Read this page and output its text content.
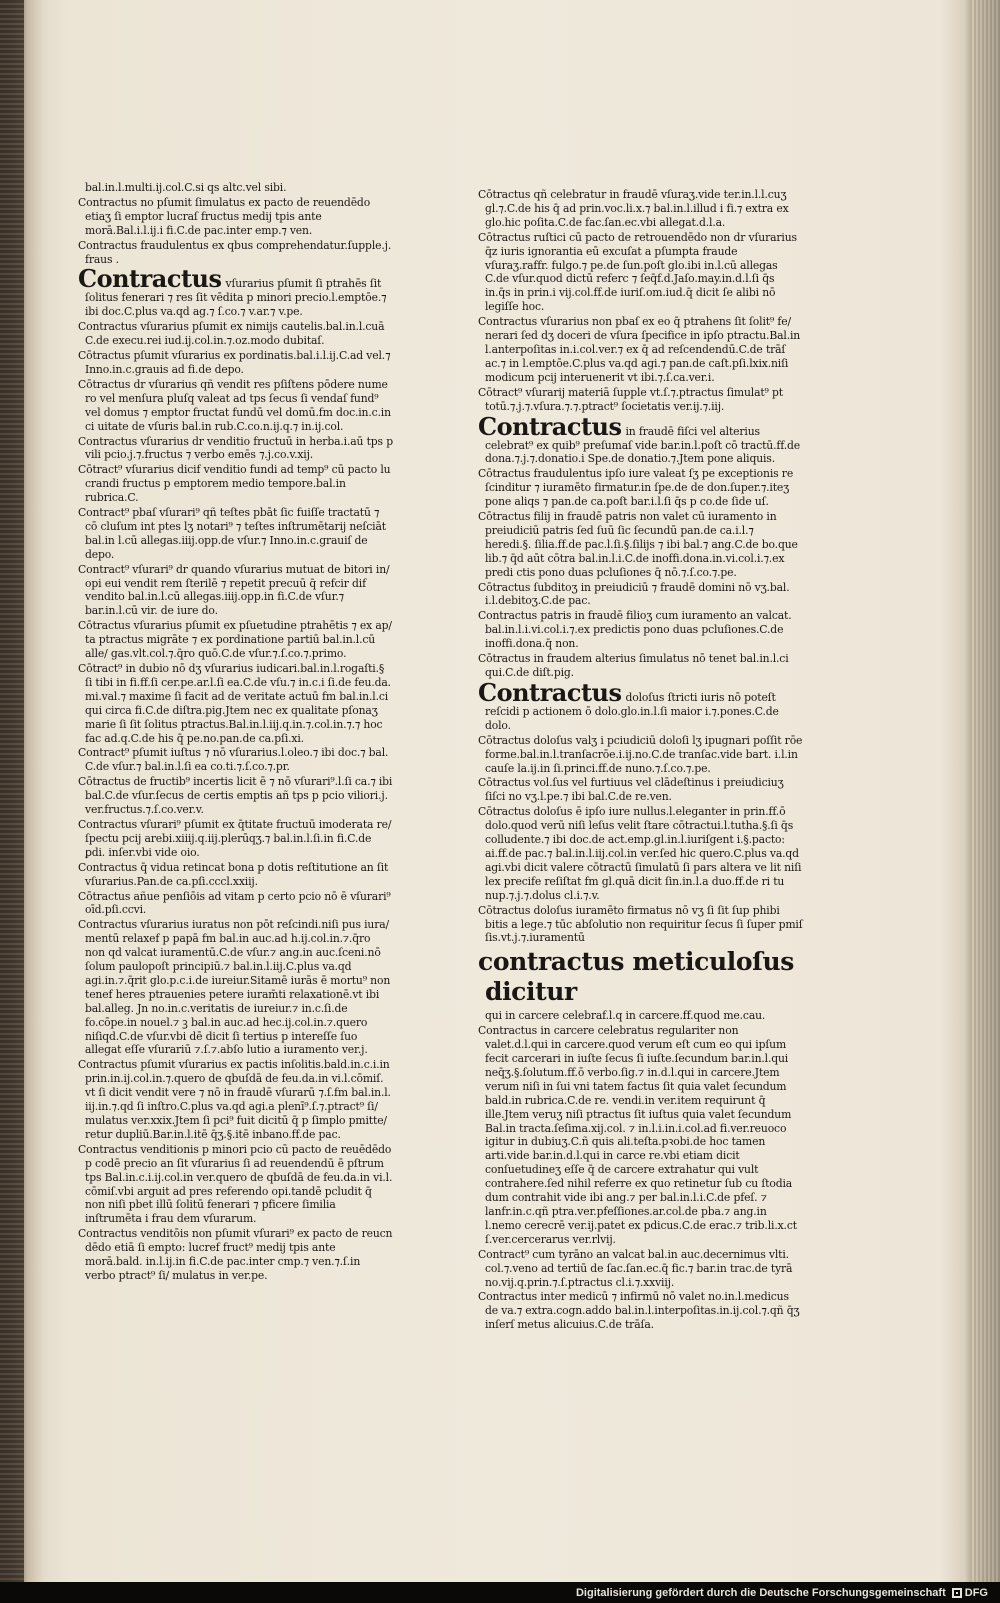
bal.in.l.multi.ij.col.C.si qs altc.vel sibi.

Contractus no pſumit ſimulatus ex pacto de reuendēdo etiaʒ ſi emptor lucraſ fructus medij tpis ante morā.Bal.i.l.ij.i fi.C.de pac.inter emp.⁊ ven.

Contractus fraudulentus ex qbus comprehendatur.ſupple.j. fraus .

Contractus vſurarius pſumit ſi ptrahēs ſit ſolitus fenerari ⁊ res ſit vēdita p minori precio.l.emptōe.⁊ ibi doc.C.plus va.qd ag.⁊ ſ.co.⁊ v.ar.⁊ v.pe.

Contractus vſurarius pſumit ex nimijs cautelis.bal.in.l.cuā C.de execu.rei iud.ij.col.in.⁊.oz.modo dubitaſ.

Cōtractus pſumit vſurarius ex pordinatis.bal.i.l.ij.C.ad vel.⁊ Inno.in.c.grauis ad fi.de depo.

Cōtractus dr vſurarius qñ vendit res pſiſtens pōdere nume ro vel menſura pluſq valeat ad tps ſecus ſi vendaſ fund⁹ vel domus ⁊ emptor fructat fundū vel domū.fm doc.in.c.in ci uitate de vſuris bal.in rub.C.co.n.ij.q.⁊ in.ij.col.

Contractus vſurarius dr venditio fructuū in herba.i.aū tps p vili pcio.j.⁊.fructus ⁊ verbo emēs ⁊.j.co.v.xij.

Cōtract⁹ vſurarius dicif venditio fundi ad temp⁹ cū pacto lu crandi fructus p emptorem medio tempore.bal.in rubrica.C.

Contract⁹ pbaſ vſurari⁹ qñ teſtes pbāt ſic fuiſſe tractatū ⁊ cō cluſum int ptes lʒ notari⁹ ⁊ teſtes inſtrumētarij neſciāt bal.in l.cū allegas.iiij.opp.de vſur.⁊ Inno.in.c.grauiſ de depo.

Contract⁹ vſurari⁹ dr quando vſurarius mutuat de bitori in/ opi eui vendit rem ſterilē ⁊ repetit precuū q̄ refcir dif vendito bal.in.l.cū allegas.iiij.opp.in fi.C.de vſur.⁊ bar.in.l.cū vir. de iure do.

Cōtractus vſurarius pſumit ex pſuetudine ptrahētis ⁊ ex ap/ ta ptractus migrāte ⁊ ex pordinatione partiū bal.in.l.cū alle/ gas.vlt.col.⁊.q̄ro quō.C.de vſur.⁊.ſ.co.⁊.primo.

Cōtract⁹ in dubio nō dʒ vſurarius iudicari.bal.in.l.rogaſti.§ ſi tibi in fi.ff.ſi cer.pe.ar.l.ſi ea.C.de vſu.⁊ in.c.i ſi.de feu.da. mi.val.⁊ maxime ſi facit ad de veritate actuū fm bal.in.l.ci qui circa fi.C.de diſtra.pig.Jtem nec ex qualitate pſonaʒ marie ſi ſit ſolitus ptractus.Bal.in.l.iij.q.in.⁊.col.in.⁊.⁊ hoc fac ad.q.C.de his q̄ pe.no.pan.de ca.pſi.xi.

Contract⁹ pſumit iuſtus ⁊ nō vſurarius.l.oleo.⁊ ibi doc.⁊ bal. C.de vſur.⁊ bal.in.l.ſi ea co.ti.⁊.ſ.co.⁊.pr.

Cōtractus de fructib⁹ incertis licit ē ⁊ nō vſurari⁹.l.ſi ca.⁊ ibi bal.C.de vſur.ſecus de certis emptis añ tps p pcio viliori.j. ver.fructus.⁊.ſ.co.ver.v.

Contractus vſurari⁹ pſumit ex q̄titate fructuū imoderata re/ ſpectu pcij arebi.xiiij.q.iij.plerūqʒ.⁊ bal.in.l.ſi.in fi.C.de ꝑdi. inſer.vbi vide oio.

Contractus q̄ vidua retincat bona p dotis reſtitutione an ſit vſurarius.Pan.de ca.pſi.cccl.xxiij.

Cōtractus añue penſiōis ad vitam p certo pcio nō ē vſurari⁹ oīd.pſi.ccvi.

Contractus vſurarius iuratus non pōt reſcindi.niſi pus iura/ mentū relaxef p papā fm bal.in auc.ad h.ij.col.in.⁊.q̄ro non qd valcat iuramentū.C.de vſur.⁊ ang.in auc.ſceni.nō ſolum paulopoſt principiū.⁊ bal.in.l.iij.C.plus va.qd agi.in.⁊.q̄rit glo.p.c.i.de iureiur.Sitamē iurās ē mortu⁹ non tenef heres ptrauenies petere iuram̄ti relaxationē.vt ibi bal.alleg. Jn no.in.c.veritatis de iureiur.⁊ in.c.ſi.de fo.cōpe.in nouel.⁊ ꝫ bal.in auc.ad hec.ij.col.in.⁊.quero niſiqd.C.de vſur.vbi dē dicit ſi tertius p intereſſe ſuo allegat eſſe vſurariū ⁊.ſ.⁊.abſo lutio a iuramento ver.j.

Contractus pſumit vſurarius ex pactis inſolitis.bald.in.c.i.in prin.in.ij.col.in.⁊.quero de qbuſdā de feu.da.in vi.l.cōmiſ. vt ſi dicit vendit vere ⁊ nō in fraudē vſurarū ⁊.ſ.fm bal.in.l. iij.in.⁊.qd ſi inſtro.C.plus va.qd agi.a plenī⁹.ſ.⁊.ptract⁹ ſi/ mulatus ver.xxix.Jtem ſi pci⁹ fuit dicitū q̄ p ſimplo pmitte/ retur dupliū.Bar.in.l.itē q̄ʒ.§.itē inbano.ff.de pac.

Contractus venditionis p minori pcio cū pacto de reuēdēdo p codē precio an ſit vſurarius ſi ad reuendendū ē pſtrum tps Bal.in.c.i.ij.col.in ver.quero de qbuſdā de feu.da.in vi.l. cōmiſ.vbi arguit ad pres referendo opi.tandē pcludit q̄ non niſi pbet illū ſolitū fenerari ⁊ pficere ſimilia inſtrumēta i frau dem vſurarum.

Contractus venditōis non pſumit vſurari⁹ ex pacto de reucn dēdo etiā ſi empto: lucref fruct⁹ medij tpis ante morā.bald. in.l.ij.in fi.C.de pac.inter cmp.⁊ ven.⁊.ſ.in verbo ptract⁹ ſi/ mulatus in ver.pe.

Cōtractus qñ celebratur in fraudē vſuraʒ.vide ter.in.l.l.cuʒ gl.⁊.C.de his q̄ ad prin.voc.li.x.⁊ bal.in.l.illud i fi.⁊ extra ex glo.hic poſita.C.de fac.ſan.ec.vbi allegat.d.l.a.

Cōtractus ruſtici cū pacto de retrouendēdo non dr vſurarius q̄z iuris ignorantia eū excuſat a pſumpta fraude vſuraʒ.raffr. fulgo.⁊ pe.de ſun.poſt glo.ibi in.l.cū allegas C.de vſur.quod dictū referc ⁊ ſeq̄f.d.Jaſo.may.in.d.l.ſi q̄s in.q̄s in prin.i vij.col.ff.de iuriſ.om.iud.q̄ dicit ſe alibi nō legiſſe hoc.

Contractus vſurarius non pbaſ ex eo q̄ ptrahens ſit ſolit⁹ fe/ nerari ſed dʒ doceri de vſura ſpecifice in ipſo ptractu.Bal.in l.anterpoſitas in.i.col.ver.⁊ ex q̄ ad reſcendendū.C.de trāſ ac.⁊ in l.emptōe.C.plus va.qd agi.⁊ pan.de caſt.pſi.lxix.niſi modicum pcij interuenerit vt ibi.⁊.ſ.ca.ver.i.

Cōtract⁹ vſurarij materiā ſupple vt.ſ.⁊.ptractus ſimulat⁹ pt totū.⁊.j.⁊.vſura.⁊.⁊.ptract⁹ ſocietatis ver.ij.⁊.iij.

Contractus in fraudē fiſci vel alterius celebrat⁹ ex quib⁹ preſumaſ vide bar.in.l.poſt cō tractū.ff.de dona.⁊.j.⁊.donatio.i Spe.de donatio.⁊.Jtem pone aliquis.

Cōtractus fraudulentus ipſo iure valeat ſʒ pe exceptionis re ſcinditur ⁊ iuramēto firmatur.in ſpe.de de don.ſuper.⁊.iteʒ pone aliqs ⁊ pan.de ca.poſt bar.i.l.ſi q̄s p co.de ſide uſ.

Cōtractus filij in fraudē patris non valet cū iuramento in preiudiciū patris ſed ſuū ſic ſecundū pan.de ca.i.l.⁊ heredi.§. ſilia.ff.de pac.l.ſi.§.ſilijs ⁊ ibi bal.⁊ ang.C.de bo.que lib.⁊ q̄d aūt cōtra bal.in.l.i.C.de inoffi.dona.in.vi.col.i.⁊.ex predi ctis pono duas pcluſiones q̄ nō.⁊.ſ.co.⁊.pe.

Cōtractus ſubditoʒ in preiudiciū ⁊ fraudē domini nō vʒ.bal. i.l.debitoʒ.C.de pac.

Contractus patris in fraudē filioʒ cum iuramento an valcat. bal.in.l.i.vi.col.i.⁊.ex predictis pono duas pcluſiones.C.de inoffi.dona.q̄ non.

Cōtractus in fraudem alterius ſimulatus nō tenet bal.in.l.ci qui.C.de diſt.pig.

Contractus doloſus ſtricti iuris nō poteſt reſcidi p actionem ō dolo.glo.in.l.ſi maior i.⁊.pones.C.de dolo.

Cōtractus doloſus valʒ i pciudiciū doloſi lʒ ipugnari poſſit rōe forme.bal.in.l.tranſacrōe.i.ij.no.C.de tranſac.vide bart. i.l.in cauſe la.ij.in ſi.princi.ff.de nuno.⁊.ſ.co.⁊.pe.

Cōtractus vol.ſus vel furtiuus vel clādeſtinus i preiudiciuʒ ſiſci no vʒ.l.pe.⁊ ibi bal.C.de re.ven.

Cōtractus doloſus ē ipſo iure nullus.l.eleganter in prin.ff.ō dolo.quod verū niſi leſus velit ſtare cōtractui.l.tutha.§.ſi q̄s colludente.⁊ ibi doc.de act.emp.gl.in.l.iuriſgent i.§.pacto: ai.ff.de pac.⁊ bal.in.l.iij.col.in ver.ſed hic quero.C.plus va.qd agi.vbi dicit valere cōtractū ſimulatū ſi pars altera ve lit niſi lex precife reſiſtat fm gl.quā dicit ſin.in.l.a duo.ff.de ri tu nup.⁊.j.⁊.dolus cl.i.⁊.v.

Cōtractus doloſus iuramēto firmatus nō vʒ ſi ſit ſup phibi bitis a lege.⁊ tūc abſolutio non requiritur ſecus ſi ſuper pmiſ ſis.vt.j.⁊.iuramentū

contractus meticuloſus dicitur
qui in carcere celebraf.l.q in carcere.ff.quod me.cau.

Contractus in carcere celebratus regulariter non valet.d.l.qui in carcere.quod verum eſt cum eo qui ipſum fecit carcerari in iuſte ſecus ſi iuſte.ſecundum bar.in.l.qui neq̄ʒ.§.ſolutum.ff.ō verbo.ſig.⁊ in.d.l.qui in carcere.Jtem verum niſi in ſui vni tatem factus ſit quia valet ſecundum bald.in rubrica.C.de re. vendi.in ver.item requirunt q̄ ille.Jtem veruʒ niſi ptractus ſit iuſtus quia valet ſecundum Bal.in tracta.ſeſima.xij.col. ⁊ in.l.i.in.i.col.ad fi.ver.reuoco igitur in dubiuʒ.C.ñ quis ali.teſta.pꝛobi.de hoc tamen arti.vide bar.in.d.l.qui in carce re.vbi etiam dicit conſuetudineʒ eſſe q̄ de carcere extrahatur qui vult contrahere.ſed nihil referre ex quo retinetur ſub cu ſtodia dum contrahit vide ibi ang.⁊ per bal.in.l.i.C.de pfeſ. ⁊ lanfr.in.c.qñ ptra.ver.pfeſſiones.ar.col.de pba.⁊ ang.in l.nemo cerecrē ver.ij.patet ex pdicus.C.de erac.⁊ trib.li.x.ct ſ.ver.cercerarus ver.rlvij.

Contract⁹ cum tyrāno an valcat bal.in auc.decernimus vlti. col.⁊.veno ad tertiū de ſac.ſan.ec.q̄ fic.⁊ bar.in trac.de tyrā no.vij.q.prin.⁊.ſ.ptractus cl.i.⁊.xxviij.

Contractus inter medicū ⁊ infirmū nō valet no.in.l.medicus de va.⁊ extra.cogn.addo bal.in.l.interpoſitas.in.ij.col.⁊.qñ q̄ʒ inſerſ metus alicuius.C.de trāſa.

Digitalisierung gefördert durch die Deutsche Forschungsgemeinschaft DFG
